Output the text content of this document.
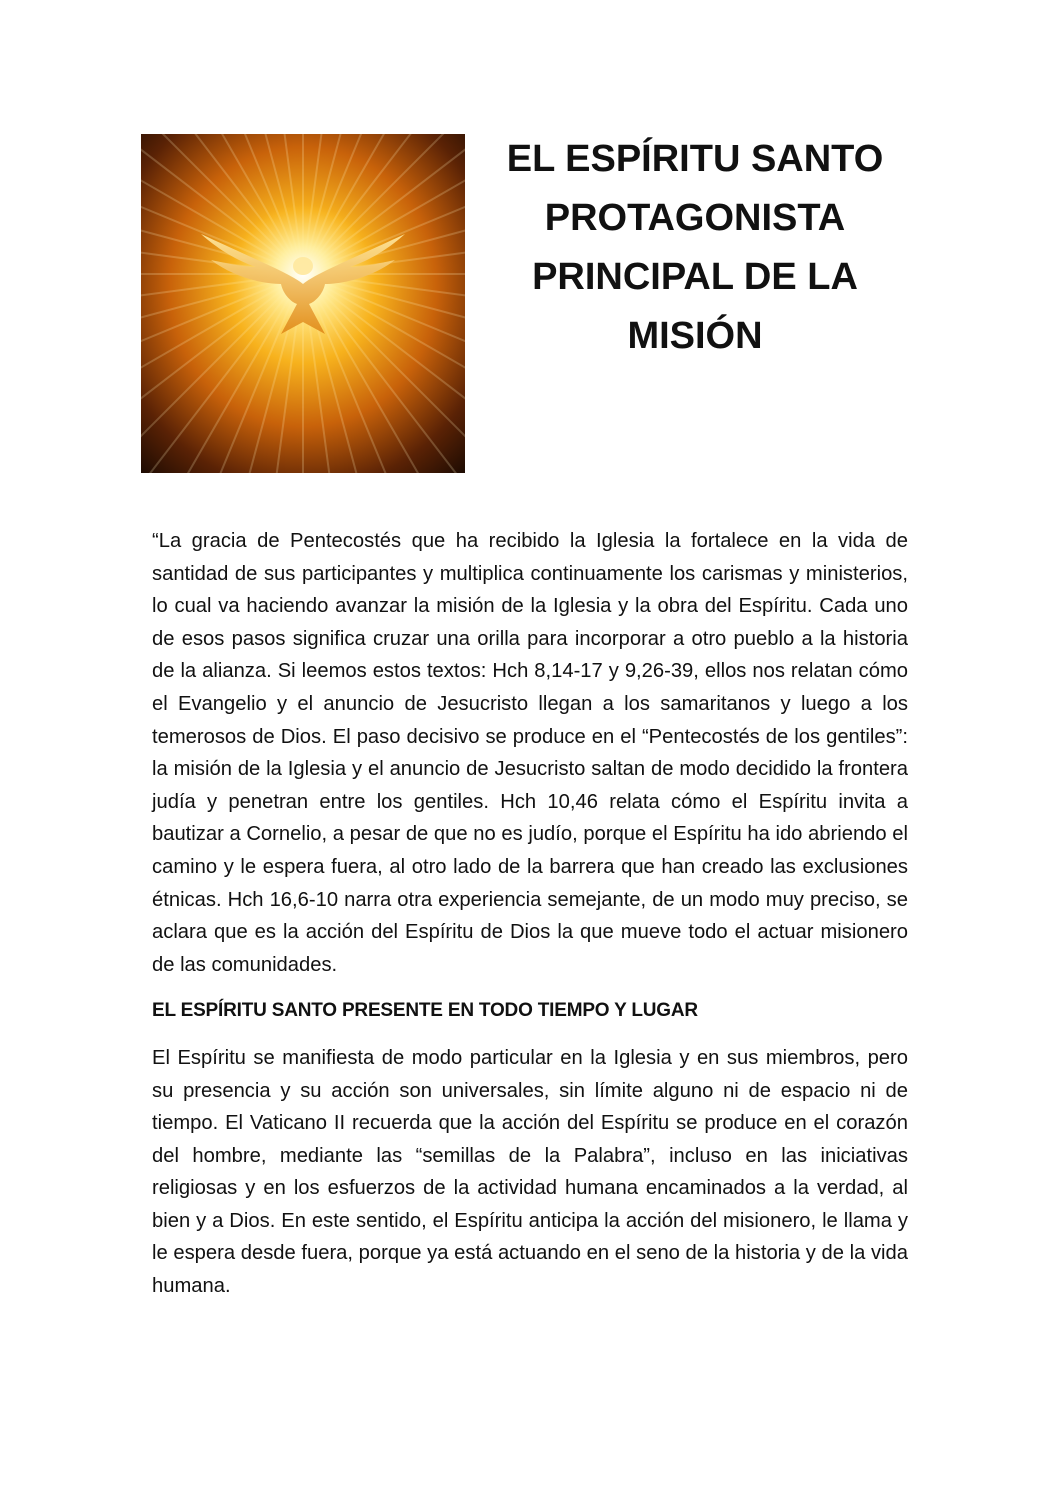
EL ESPÍRITU SANTO
PROTAGONISTA
PRINCIPAL DE LA
MISIÓN

“La gracia de Pentecostés que ha recibido la Iglesia la fortalece en la vida de santidad de sus participantes y multiplica continuamente los carismas y ministerios, lo cual va haciendo avanzar la misión de la Iglesia y la obra del Espíritu. Cada uno de esos pasos significa cruzar una orilla para incorporar a otro pueblo a la historia de la alianza. Si leemos estos textos: Hch 8,14-17 y 9,26-39, ellos nos relatan cómo el Evangelio y el anuncio de Jesucristo llegan a los samaritanos y luego a los temerosos de Dios. El paso decisivo se produce en el “Pentecostés de los gentiles”: la misión de la Iglesia y el anuncio de Jesucristo saltan de modo decidido la frontera judía y penetran entre los gentiles. Hch 10,46 relata cómo el Espíritu invita a bautizar a Cornelio, a pesar de que no es judío, porque el Espíritu ha ido abriendo el camino y le espera fuera, al otro lado de la barrera que han creado las exclusiones étnicas. Hch 16,6-10 narra otra experiencia semejante, de un modo muy preciso, se aclara que es la acción del Espíritu de Dios la que mueve todo el actuar misionero de las comunidades.

EL ESPÍRITU SANTO PRESENTE EN TODO TIEMPO Y LUGAR

El Espíritu se manifiesta de modo particular en la Iglesia y en sus miembros, pero su presencia y su acción son universales, sin límite alguno ni de espacio ni de tiempo. El Vaticano II recuerda que la acción del Espíritu se produce en el corazón del hombre, mediante las “semillas de la Palabra”, incluso en las iniciativas religiosas y en los esfuerzos de la actividad humana encaminados a la verdad, al bien y a Dios. En este sentido, el Espíritu anticipa la acción del misionero, le llama y le espera desde fuera, porque ya está actuando en el seno de la historia y de la vida humana.
